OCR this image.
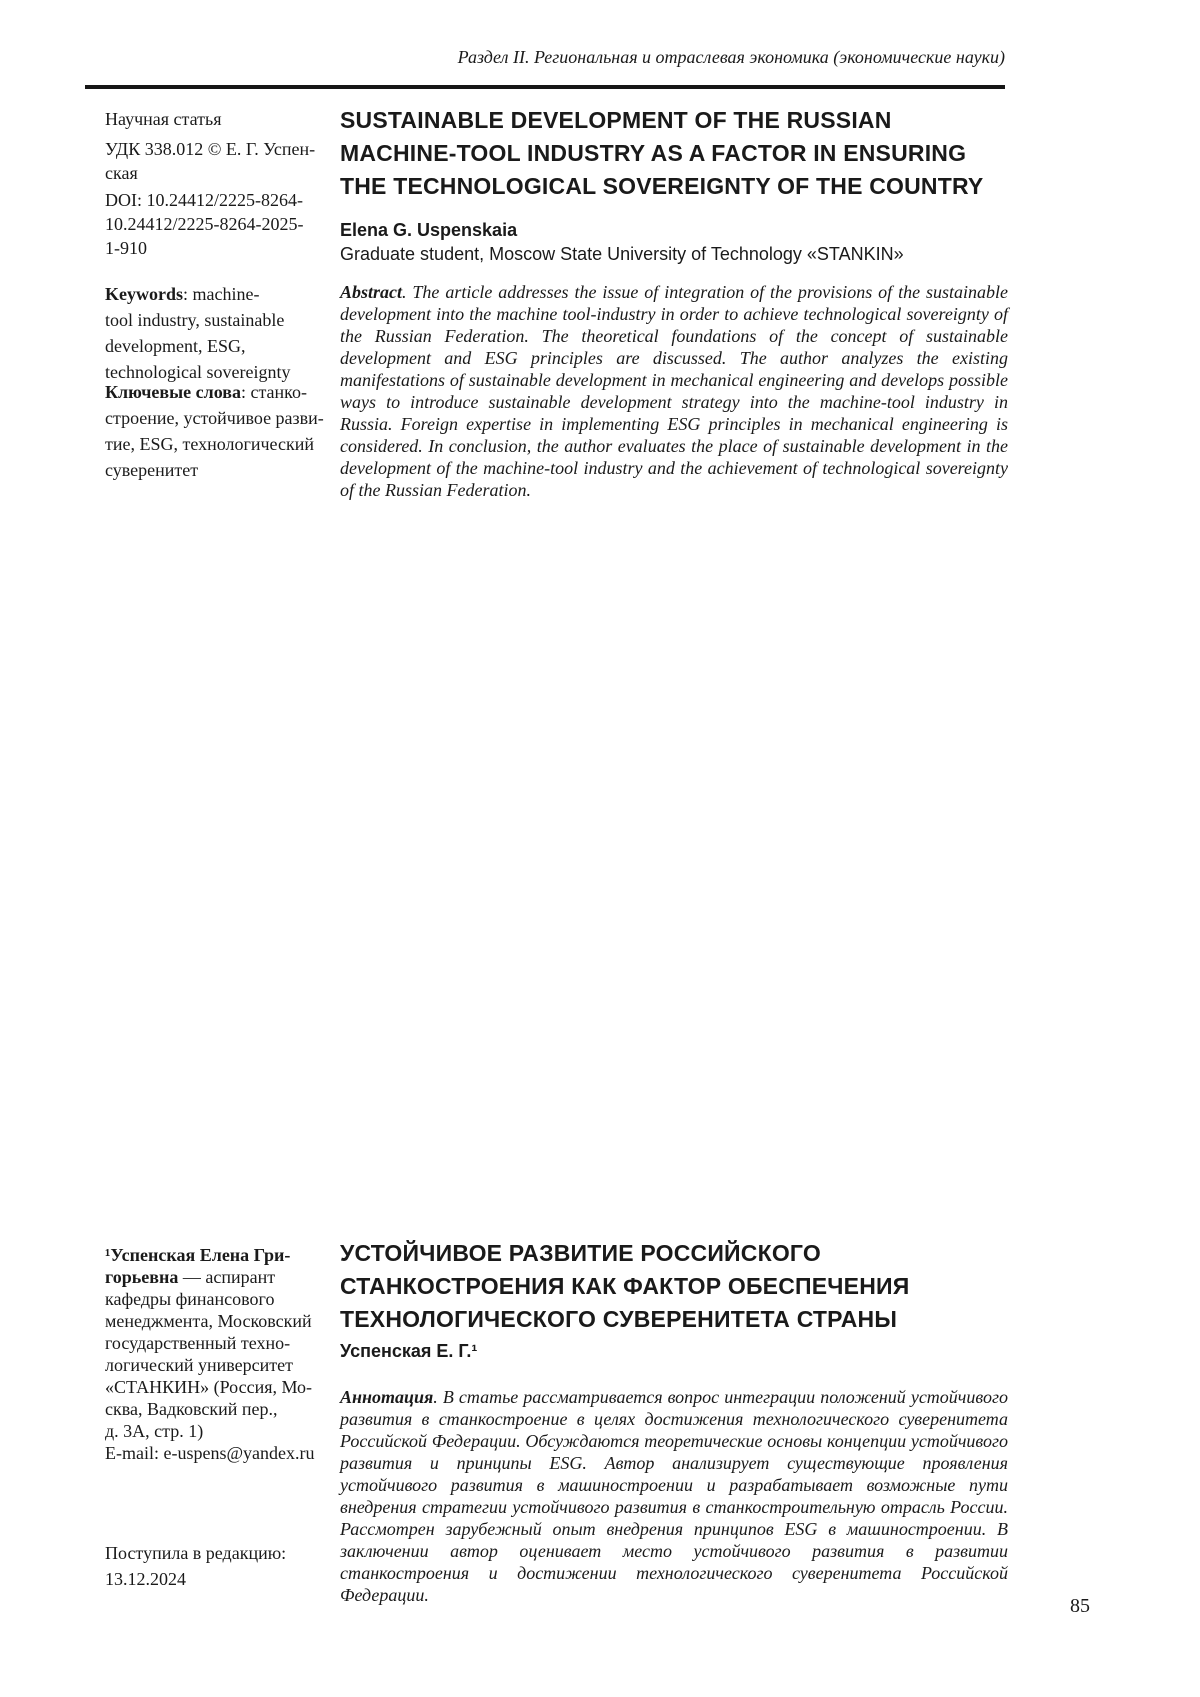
Раздел II. Региональная и отраслевая экономика (экономические науки)
Научная статья
УДК 338.012 © Е. Г. Успен-
ская
DOI: 10.24412/2225-8264-
10.24412/2225-8264-2025-
1-910

Keywords: machine-
tool industry, sustainable
development, ESG,
technological sovereignty

Ключевые слова: станко-
строение, устойчивое разви-
тие, ESG, технологический
суверенитет

SUSTAINABLE DEVELOPMENT OF THE RUSSIAN
MACHINE-TOOL INDUSTRY AS A FACTOR IN ENSURING
THE TECHNOLOGICAL SOVEREIGNTY OF THE COUNTRY
Elena G. Uspenskaia
Graduate student, Moscow State University of Technology «STANKIN»

Abstract. The article addresses the issue of integration of the provisions of the sustainable development into the machine tool-industry in order to achieve technological sovereignty of the Russian Federation. The theoretical foundations of the concept of sustainable development and ESG principles are discussed. The author analyzes the existing manifestations of sustainable development in mechanical engineering and develops possible ways to introduce sustainable development strategy into the machine-tool industry in Russia. Foreign expertise in implementing ESG principles in mechanical engineering is considered. In conclusion, the author evaluates the place of sustainable development in the development of the machine-tool industry and the achievement of technological sovereignty of the Russian Federation.

¹Успенская Елена Гри-
горьевна — аспирант
кафедры финансового
менеджмента, Московский
государственный техно-
логический университет
«СТАНКИН» (Россия, Мо-
сква, Вадковский пер.,
д. 3А, стр. 1)
E-mail: e-uspens@yandex.ru

Поступила в редакцию:
13.12.2024
УСТОЙЧИВОЕ РАЗВИТИЕ РОССИЙСКОГО
СТАНКОСТРОЕНИЯ КАК ФАКТОР ОБЕСПЕЧЕНИЯ
ТЕХНОЛОГИЧЕСКОГО СУВЕРЕНИТЕТА СТРАНЫ
Успенская Е. Г.¹

Аннотация. В статье рассматривается вопрос интеграции положений устойчивого развития в станкостроение в целях достижения технологического суверенитета Российской Федерации. Обсуждаются теоретические основы концепции устойчивого развития и принципы ESG. Автор анализирует существующие проявления устойчивого развития в машиностроении и разрабатывает возможные пути внедрения стратегии устойчивого развития в станкостроительную отрасль России. Рассмотрен зарубежный опыт внедрения принципов ESG в машиностроении. В заключении автор оценивает место устойчивого развития в развитии станкостроения и достижении технологического суверенитета Российской Федерации.	85
